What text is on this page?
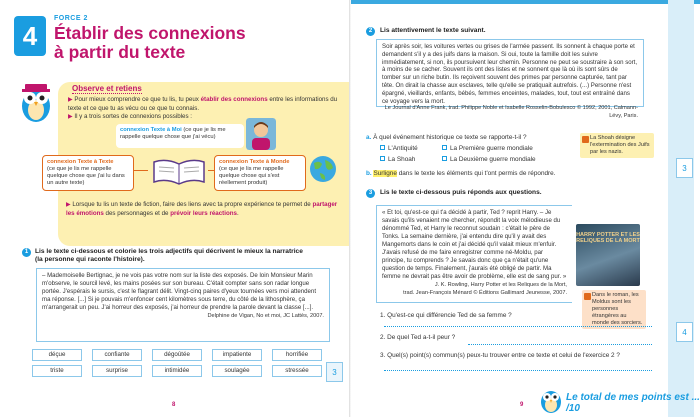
4
FORCE 2
Établir des connexions
à partir du texte
Observe et retiens
▶ Pour mieux comprendre ce que tu lis, tu peux établir des connexions entre les informations du texte et ce que tu as vécu ou ce que tu connais.
▶ Il y a trois sortes de connexions possibles :
connexion Texte à Moi (ce que je lis me rappelle quelque chose que j'ai vécu)
connexion Texte à Texte
(ce que je lis me rappelle quelque chose que j'ai lu dans un autre texte)
connexion Texte à Monde
(ce que je lis me rappelle quelque chose qui s'est réellement produit)
▶ Lorsque tu lis un texte de fiction, faire des liens avec ta propre expérience te permet de partager les émotions des personnages et de prévoir leurs réactions.
1	Lis le texte ci-dessous et colorie les trois adjectifs qui décrivent le mieux la narratrice
(la personne qui raconte l'histoire).
– Mademoiselle Bertignac, je ne vois pas votre nom sur la liste des exposés. De loin Monsieur Marin m'observe, le sourcil levé, les mains posées sur son bureau. C'était compter sans son radar longue portée. J'espérais le sursis, c'est le flagrant délit. Vingt-cinq paires d'yeux tournées vers moi attendent ma réponse. [...] Si je pouvais m'enfoncer cent kilomètres sous terre, du côté de la lithosphère, ça m'arrangerait un peu. J'ai horreur des exposés, j'ai horreur de prendre la parole devant la classe [...].
Delphine de Vigan, No et moi, JC Lattès, 2007.
déçue	confiante	dégoûtée	impatiente	horrifiée
triste	surprise	intimidée	soulagée	stressée	3
8
2	Lis attentivement le texte suivant.
Soir après soir, les voitures vertes ou grises de l'armée passent. Ils sonnent à chaque porte et demandent s'il y a des juifs dans la maison. Si oui, toute la famille doit les suivre immédiatement, si non, ils poursuivent leur chemin. Personne ne peut se soustraire à son sort, à moins de se cacher. Souvent ils ont des listes et ne sonnent que là où ils sont sûrs de tomber sur un riche butin. Ils reçoivent souvent des primes par personne capturée, tant par tête. On dirait la chasse aux esclaves, telle qu'elle se pratiquait autrefois. (...) Personne n'est épargné, vieillards, enfants, bébés, femmes enceintes, malades, tout, tout est entraîné dans ce voyage vers la mort.
Le Journal d'Anne Frank, trad. Philippe Noble et Isabelle Rosselin-Bobulesco © 1992, 2001, Calmann-Lévy, Paris.
a. À quel événement historique ce texte se rapporte-t-il ?
L'Antiquité	La Première guerre mondiale
La Shoah	La Deuxième guerre mondiale
La Shoah désigne l'extermination des Juifs par les nazis.
b. Surligne dans le texte les éléments qui t'ont permis de répondre.
3
3	Lis le texte ci-dessous puis réponds aux questions.
« Et toi, qu'est-ce qui t'a décidé à partir, Ted ? reprit Harry. – Je savais qu'ils venaient me chercher, répondit la voix mélodieuse du dénommé Ted, et Harry le reconnut soudain : c'était le père de Tonks. La semaine dernière, j'ai entendu dire qu'il y avait des Mangemorts dans le coin et j'ai décidé qu'il valait mieux m'enfuir. J'avais refusé de me faire enregistrer comme né-Moldu, par principe, tu comprends ? Je savais donc que ça n'était qu'une question de temps. Finalement, j'aurais été obligé de partir. Ma femme ne devrait pas être avoir de problème, elle est de sang pur. »
J. K. Rowling, Harry Potter et les Reliques de la Mort,
trad. Jean-François Ménard © Éditions Gallimard Jeunesse, 2007.
HARRY POTTER ET LES RELIQUES DE LA MORT
Dans le roman, les Moldus sont les personnes étrangères au monde des sorciers.
1. Qu'est-ce qui différencie Ted de sa femme ?
2. De quel Ted a-t-il peur ?
3. Quel(s) point(s) commun(s) peux-tu trouver entre ce texte et celui de l'exercice 2 ?
4
Le total de mes points est ... /10
9
